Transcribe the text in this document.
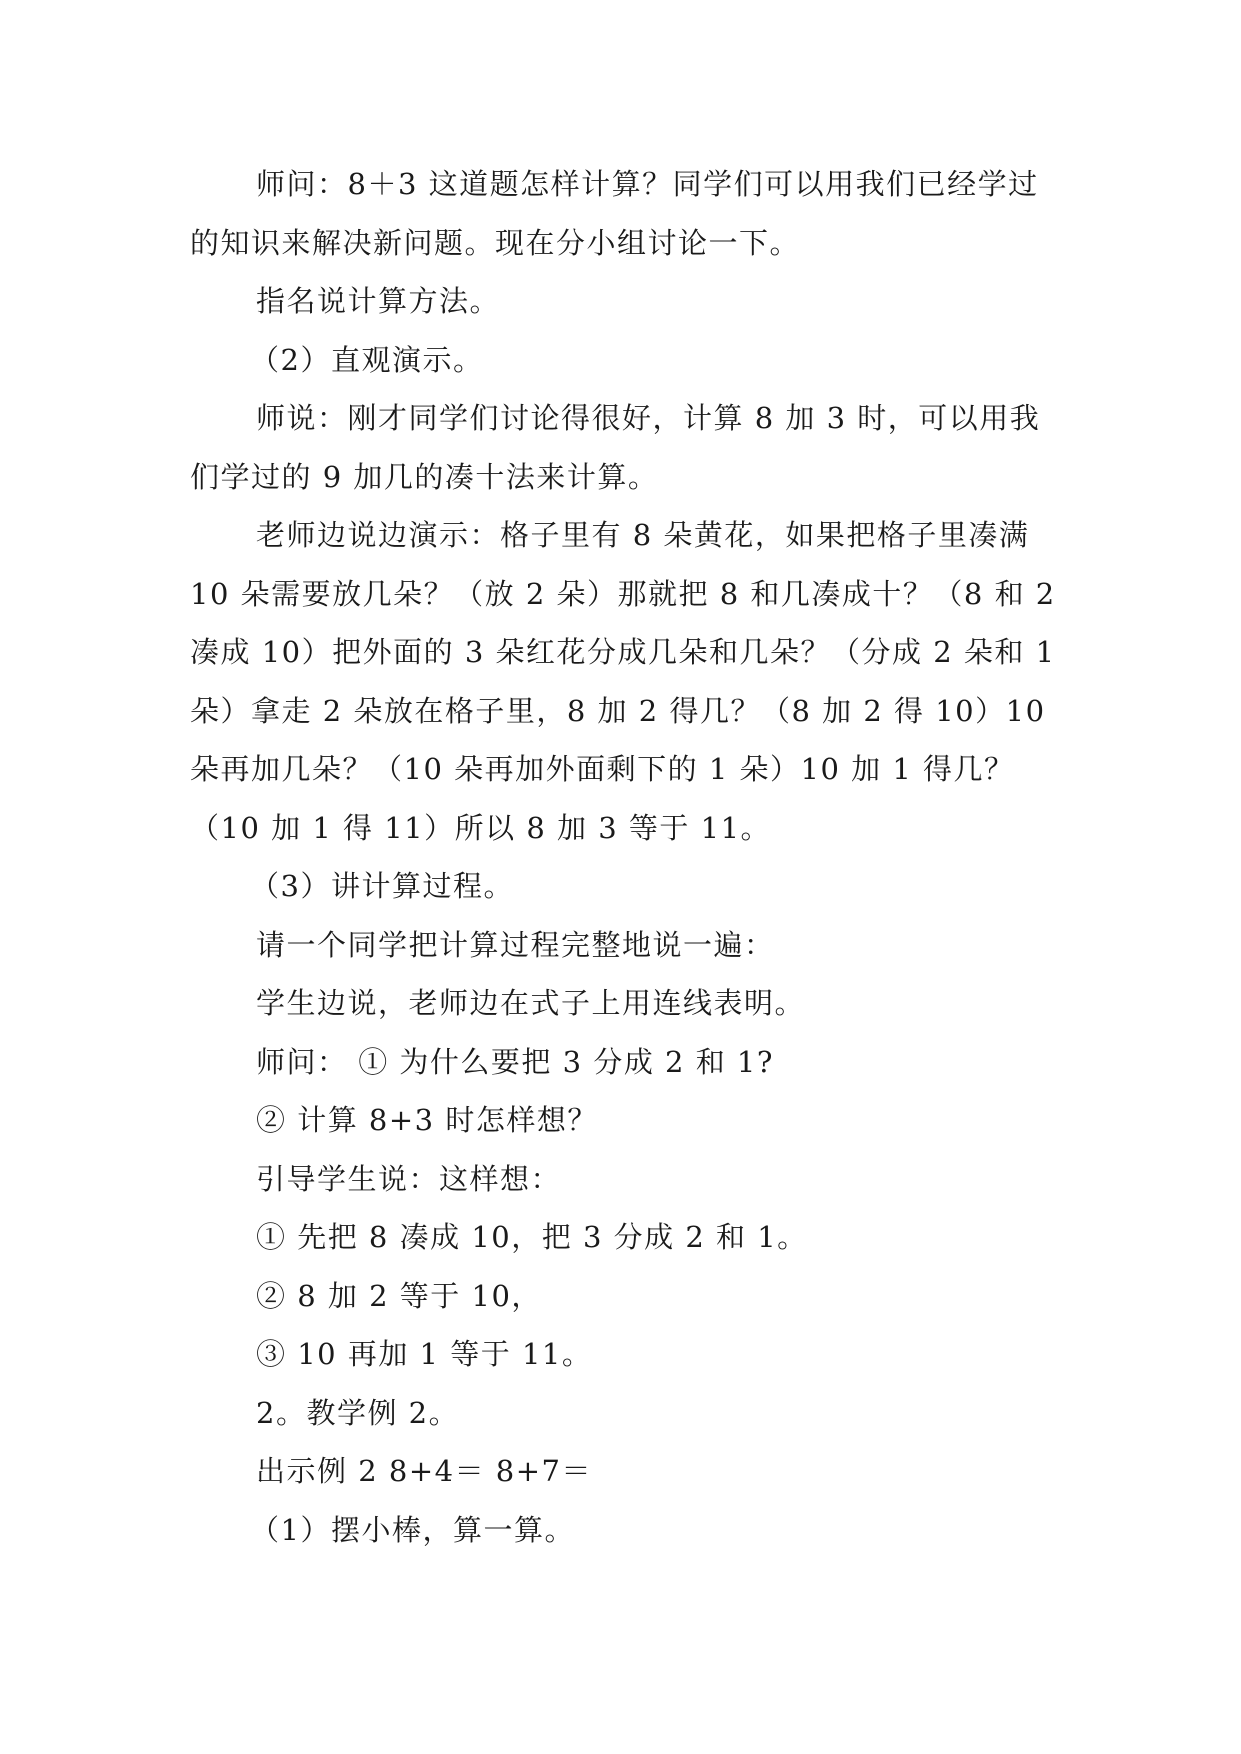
师问：8＋3 这道题怎样计算？同学们可以用我们已经学过的知识来解决新问题。现在分小组讨论一下。

指名说计算方法。

（2）直观演示。

师说：刚才同学们讨论得很好，计算 8 加 3 时，可以用我们学过的 9 加几的凑十法来计算。

老师边说边演示：格子里有 8 朵黄花，如果把格子里凑满 10 朵需要放几朵？（放 2 朵）那就把 8 和几凑成十？（8 和 2 凑成 10）把外面的 3 朵红花分成几朵和几朵？（分成 2 朵和 1 朵）拿走 2 朵放在格子里，8 加 2 得几？（8 加 2 得 10）10 朵再加几朵？（10 朵再加外面剩下的 1 朵）10 加 1 得几？（10 加 1 得 11）所以 8 加 3 等于 11。

（3）讲计算过程。

请一个同学把计算过程完整地说一遍：

学生边说，老师边在式子上用连线表明。

师问： ① 为什么要把 3 分成 2 和 1?

② 计算 8+3 时怎样想？

引导学生说：这样想：

① 先把 8 凑成 10，把 3 分成 2 和 1。

② 8 加 2 等于 10，

③ 10 再加 1 等于 11。

2。教学例 2。

出示例 2 8+4＝ 8+7＝

（1）摆小棒，算一算。
